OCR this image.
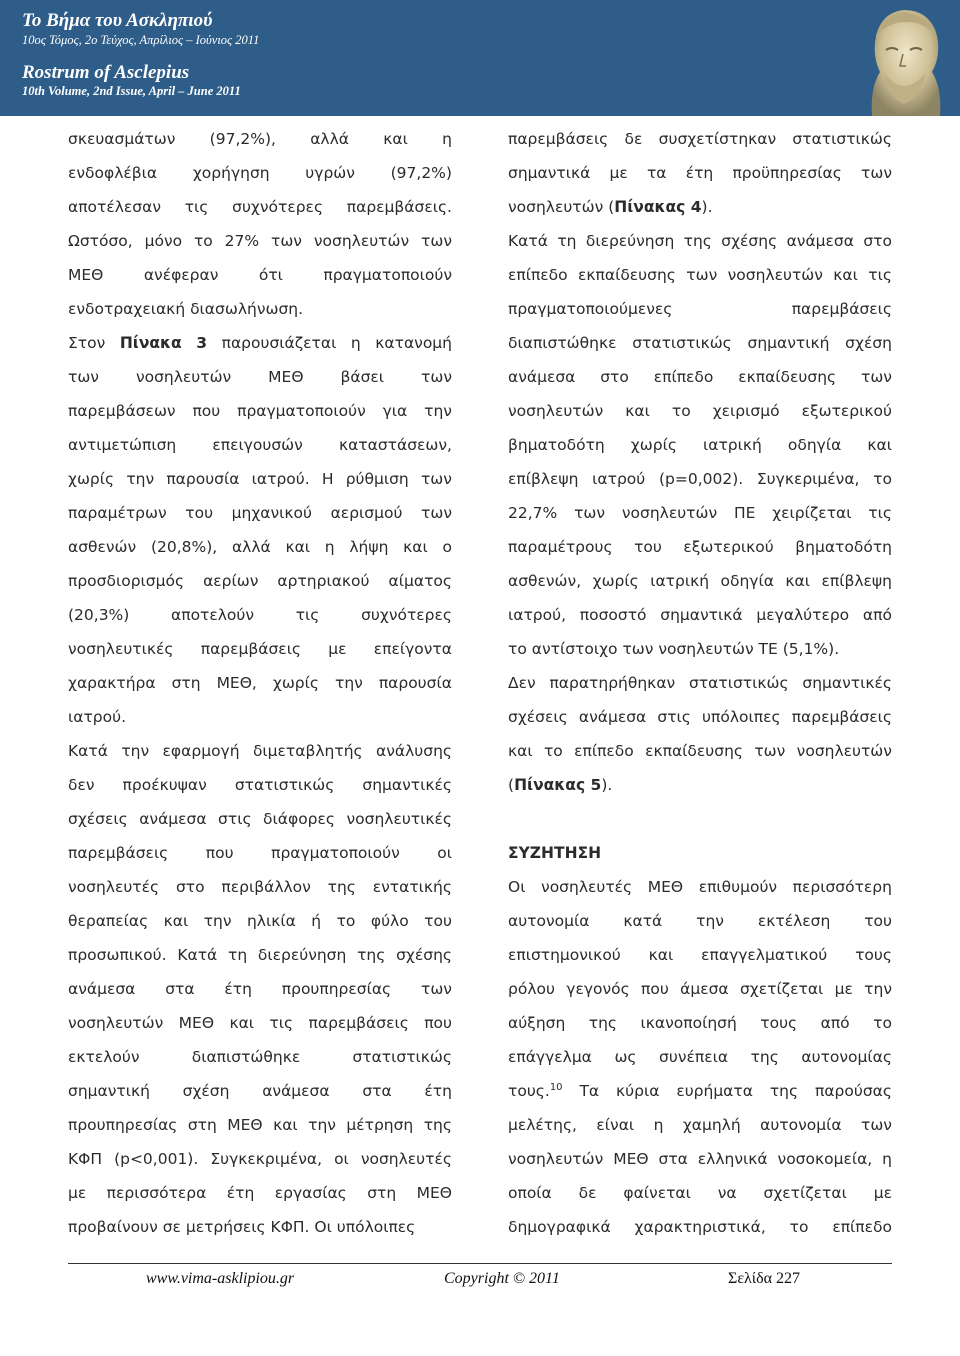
Το Βήμα του Ασκληπιού
10ος Τόμος, 2ο Τεύχος, Απρίλιος – Ιούνιος 2011
Rostrum of Asclepius
10th Volume, 2nd Issue, April – June 2011
σκευασμάτων (97,2%), αλλά και η
ενδοφλέβια χορήγηση υγρών (97,2%)
αποτέλεσαν τις συχνότερες παρεμβάσεις.
Ωστόσο, μόνο το 27% των νοσηλευτών των
ΜΕΘ	ανέφεραν	ότι	πραγματοποιούν
ενδοτραχειακή διασωλήνωση.
Στον Πίνακα 3 παρουσιάζεται η κατανομή
των νοσηλευτών ΜΕΘ βάσει των
παρεμβάσεων που πραγματοποιούν για την
αντιμετώπιση επειγουσών καταστάσεων,
χωρίς την παρουσία ιατρού. Η ρύθμιση των
παραμέτρων του μηχανικού αερισμού των
ασθενών (20,8%), αλλά και η λήψη και ο
προσδιορισμός αερίων αρτηριακού αίματος
(20,3%)	αποτελούν	τις	συχνότερες
νοσηλευτικές παρεμβάσεις με επείγοντα
χαρακτήρα στη ΜΕΘ, χωρίς την παρουσία
ιατρού.
Κατά την εφαρμογή διμεταβλητής ανάλυσης
δεν προέκυψαν στατιστικώς σημαντικές
σχέσεις ανάμεσα στις διάφορες νοσηλευτικές
παρεμβάσεις που πραγματοποιούν οι
νοσηλευτές στο περιβάλλον της εντατικής
θεραπείας και την ηλικία ή το φύλο του
προσωπικού. Κατά τη διερεύνηση της σχέσης
ανάμεσα στα έτη προυπηρεσίας των
νοσηλευτών ΜΕΘ και τις παρεμβάσεις που
εκτελούν	διαπιστώθηκε	στατιστικώς
σημαντική σχέση ανάμεσα στα έτη
προυπηρεσίας στη ΜΕΘ και την μέτρηση της
ΚΦΠ (p<0,001). Συγκεκριμένα, οι νοσηλευτές
με περισσότερα έτη εργασίας στη ΜΕΘ
προβαίνουν σε μετρήσεις ΚΦΠ. Οι υπόλοιπες
παρεμβάσεις δε συσχετίστηκαν στατιστικώς
σημαντικά με τα έτη προϋπηρεσίας των
νοσηλευτών (Πίνακας 4).
Κατά τη διερεύνηση της σχέσης ανάμεσα στο
επίπεδο εκπαίδευσης των νοσηλευτών και τις
πραγματοποιούμενες	παρεμβάσεις
διαπιστώθηκε στατιστικώς σημαντική σχέση
ανάμεσα στο επίπεδο εκπαίδευσης των
νοσηλευτών και το χειρισμό εξωτερικού
βηματοδότη χωρίς ιατρική οδηγία και
επίβλεψη ιατρού (p=0,002). Συγκεριμένα, το
22,7% των νοσηλευτών ΠΕ χειρίζεται τις
παραμέτρους του εξωτερικού βηματοδότη
ασθενών, χωρίς ιατρική οδηγία και επίβλεψη
ιατρού, ποσοστό σημαντικά μεγαλύτερο από
το αντίστοιχο των νοσηλευτών ΤΕ (5,1%).
Δεν παρατηρήθηκαν στατιστικώς σημαντικές
σχέσεις ανάμεσα στις υπόλοιπες παρεμβάσεις
και το επίπεδο εκπαίδευσης των νοσηλευτών
(Πίνακας 5).
ΣΥΖΗΤΗΣΗ
Οι νοσηλευτές ΜΕΘ επιθυμούν περισσότερη
αυτονομία κατά την εκτέλεση του
επιστημονικού και επαγγελματικού τους
ρόλου γεγονός που άμεσα σχετίζεται με την
αύξηση της ικανοποίησή τους από το
επάγγελμα ως συνέπεια της αυτονομίας
τους.$^{10}$ Τα κύρια ευρήματα της παρούσας
μελέτης, είναι η χαμηλή αυτονομία των
νοσηλευτών ΜΕΘ στα ελληνικά νοσοκομεία, η
οποία δε φαίνεται να σχετίζεται με
δημογραφικά χαρακτηριστικά, το επίπεδο
www.vima-asklipiou.gr	Copyright © 2011	Σελίδα 227
